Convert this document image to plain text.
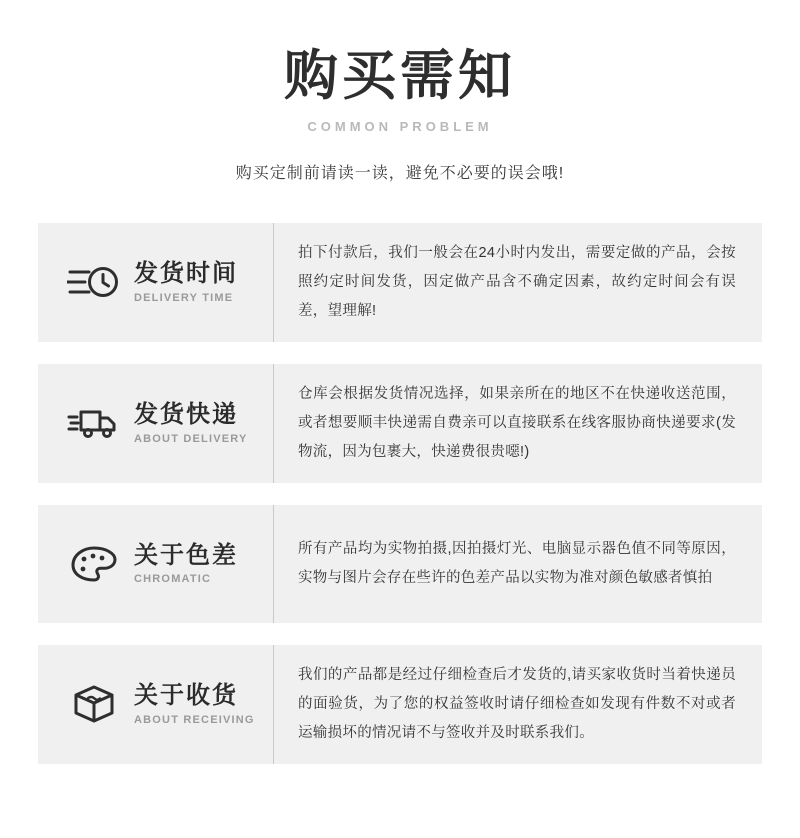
购买需知
COMMON PROBLEM
购买定制前请读一读，避免不必要的误会哦!
发货时间
DELIVERY TIME
拍下付款后，我们一般会在24小时内发出，需要定做的产品，会按照约定时间发货，因定做产品含不确定因素，故约定时间会有误差，望理解!
发货快递
ABOUT DELIVERY
仓库会根据发货情况选择，如果亲所在的地区不在快递收送范围，或者想要顺丰快递需自费亲可以直接联系在线客服协商快递要求(发物流，因为包裹大，快递费很贵噁!)
关于色差
CHROMATIC
所有产品均为实物拍摄,因拍摄灯光、电脑显示器色值不同等原因，实物与图片会存在些许的色差产品以实物为准对颜色敏感者慎拍
关于收货
ABOUT RECEIVING
我们的产品都是经过仔细检查后才发货的,请买家收货时当着快递员的面验货，为了您的权益签收时请仔细检查如发现有件数不对或者运输损坏的情况请不与签收并及时联系我们。
